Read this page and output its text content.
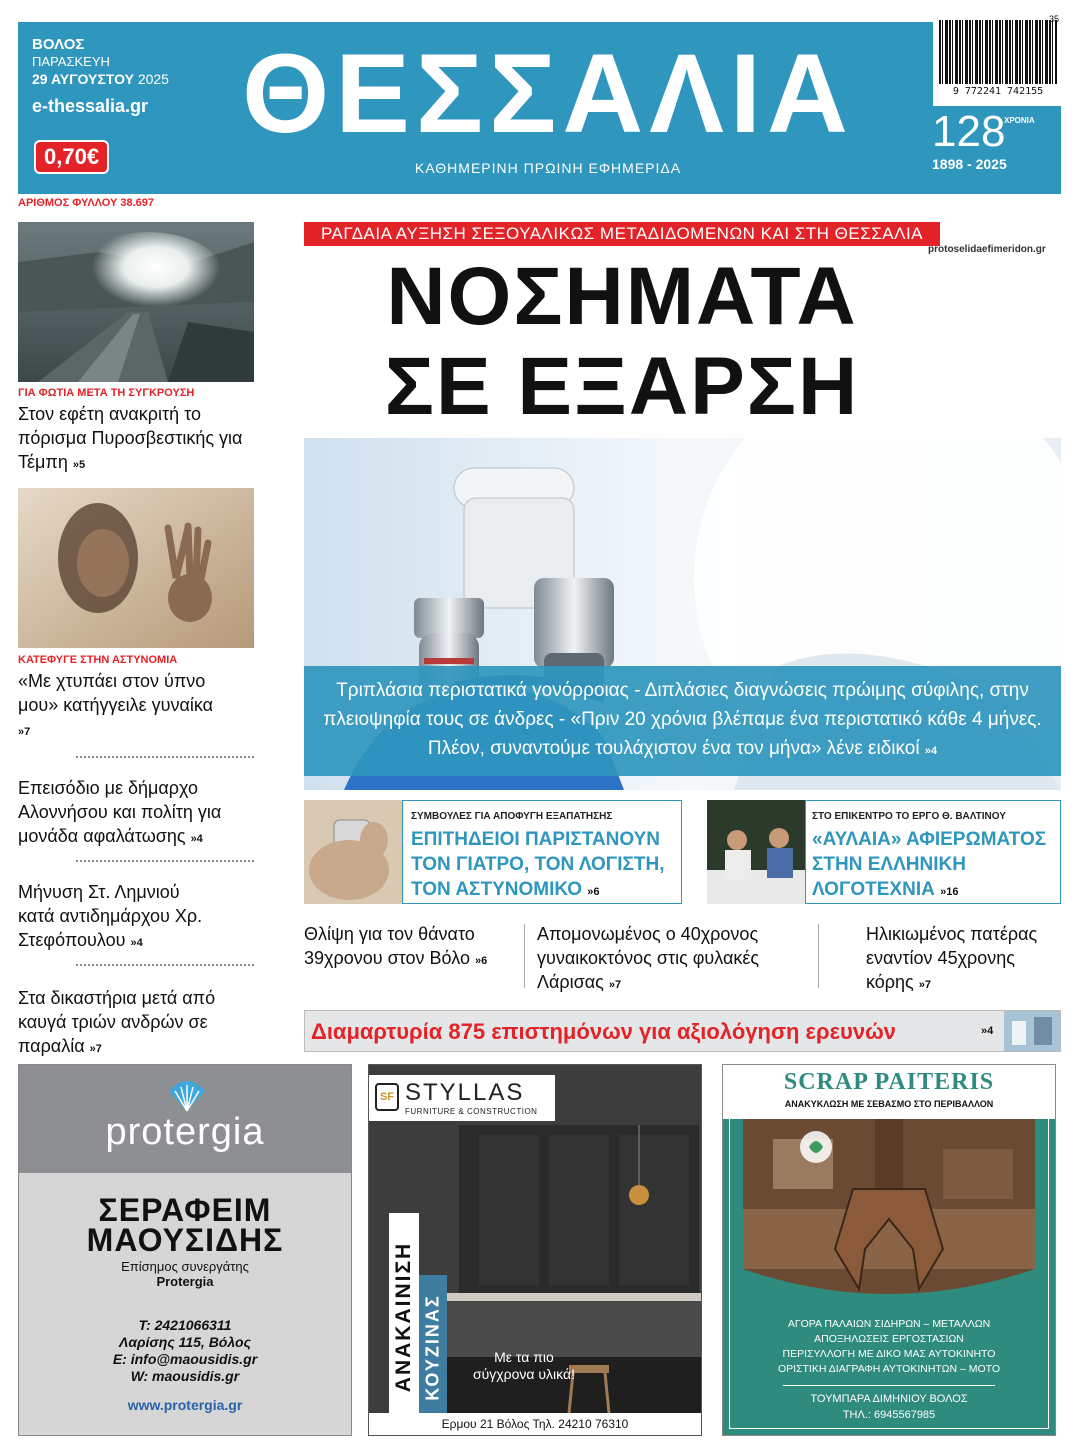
ΒΟΛΟΣ
ΠΑΡΑΣΚΕΥΗ
29 ΑΥΓΟΥΣΤΟΥ 2025
e-thessalia.gr
0,70€
ΘΕΣΣΑΛΙΑ
ΚΑΘΗΜΕΡΙΝΗ ΠΡΩΙΝΗ ΕΦΗΜΕΡΙΔΑ
35
9 772241 742155
128
ΧΡΟΝΙΑ
1898 - 2025
ΑΡΙΘΜΟΣ ΦΥΛΛΟΥ 38.697
ΓΙΑ ΦΩΤΙΑ ΜΕΤΑ ΤΗ ΣΥΓΚΡΟΥΣΗ
Στον εφέτη ανακριτή το πόρισμα Πυροσβεστικής για Τέμπη »5
ΚΑΤΕΦΥΓΕ ΣΤΗΝ ΑΣΤΥΝΟΜΙΑ
«Με χτυπάει στον ύπνο μου» κατήγγειλε γυναίκα »7
Επεισόδιο με δήμαρχο Αλοννήσου και πολίτη για μονάδα αφαλάτωσης »4
Μήνυση Στ. Λημνιού κατά αντιδημάρχου Χρ. Στεφόπουλου »4
Στα δικαστήρια μετά από καυγά τριών ανδρών σε παραλία »7
ΡΑΓΔΑΙΑ ΑΥΞΗΣΗ ΣΕΞΟΥΑΛΙΚΩΣ ΜΕΤΑΔΙΔΟΜΕΝΩΝ ΚΑΙ ΣΤΗ ΘΕΣΣΑΛΙΑ
protoselidaefimeridon.gr
ΝΟΣΗΜΑΤΑ
ΣΕ ΕΞΑΡΣΗ
Τριπλάσια περιστατικά γονόρροιας - Διπλάσιες διαγνώσεις πρώιμης σύφιλης, στην πλειοψηφία τους σε άνδρες - «Πριν 20 χρόνια βλέπαμε ένα περιστατικό κάθε 4 μήνες. Πλέον, συναντούμε τουλάχιστον ένα τον μήνα» λένε ειδικοί »4
ΣΥΜΒΟΥΛΕΣ ΓΙΑ ΑΠΟΦΥΓΗ ΕΞΑΠΑΤΗΣΗΣ
ΕΠΙΤΗΔΕΙΟΙ ΠΑΡΙΣΤΑΝΟΥΝ ΤΟΝ ΓΙΑΤΡΟ, ΤΟΝ ΛΟΓΙΣΤΗ, ΤΟΝ ΑΣΤΥΝΟΜΙΚΟ »6
ΣΤΟ ΕΠΙΚΕΝΤΡΟ ΤΟ ΕΡΓΟ Θ. ΒΑΛΤΙΝΟΥ
«ΑΥΛΑΙΑ» ΑΦΙΕΡΩΜΑΤΟΣ ΣΤΗΝ ΕΛΛΗΝΙΚΗ ΛΟΓΟΤΕΧΝΙΑ »16
Θλίψη για τον θάνατο 39χρονου στον Βόλο »6
Απομονωμένος ο 40χρονος γυναικοκτόνος στις φυλακές Λάρισας »7
Ηλικιωμένος πατέρας εναντίον 45χρονης κόρης »7
Διαμαρτυρία 875 επιστημόνων για αξιολόγηση ερευνών	»4
protergia
ΣΕΡΑΦΕΙΜ
ΜΑΟΥΣΙΔΗΣ
Επίσημος συνεργάτης
Protergia
Τ: 2421066311
Λαρίσης 115, Βόλος
E: info@maousidis.gr
W: maousidis.gr
www.protergia.gr
SF STYLLAS
FURNITURE & CONSTRUCTION
ΑΝΑΚΑΙΝΙΣΗ ΚΟΥΖΙΝΑΣ	Με τα πιο
σύγχρονα υλικά!
Ερμου 21 Βόλος Τηλ. 24210 76310
SCRAP PAITERIS
ΑΝΑΚΥΚΛΩΣΗ ΜΕ ΣΕΒΑΣΜΟ ΣΤΟ ΠΕΡΙΒΑΛΛΟΝ
ΑΓΟΡΑ ΠΑΛΑΙΩΝ ΣΙΔΗΡΩΝ – ΜΕΤΑΛΛΩΝ
ΑΠΟΞΗΛΩΣΕΙΣ ΕΡΓΟΣΤΑΣΙΩΝ
ΠΕΡΙΣΥΛΛΟΓΗ ΜΕ ΔΙΚΟ ΜΑΣ ΑΥΤΟΚΙΝΗΤΟ
ΟΡΙΣΤΙΚΗ ΔΙΑΓΡΑΦΗ ΑΥΤΟΚΙΝΗΤΩΝ – ΜΟΤΟ
ΤΟΥΜΠΑΡΑ ΔΙΜΗΝΙΟΥ ΒΟΛΟΣ
ΤΗΛ.: 6945567985
